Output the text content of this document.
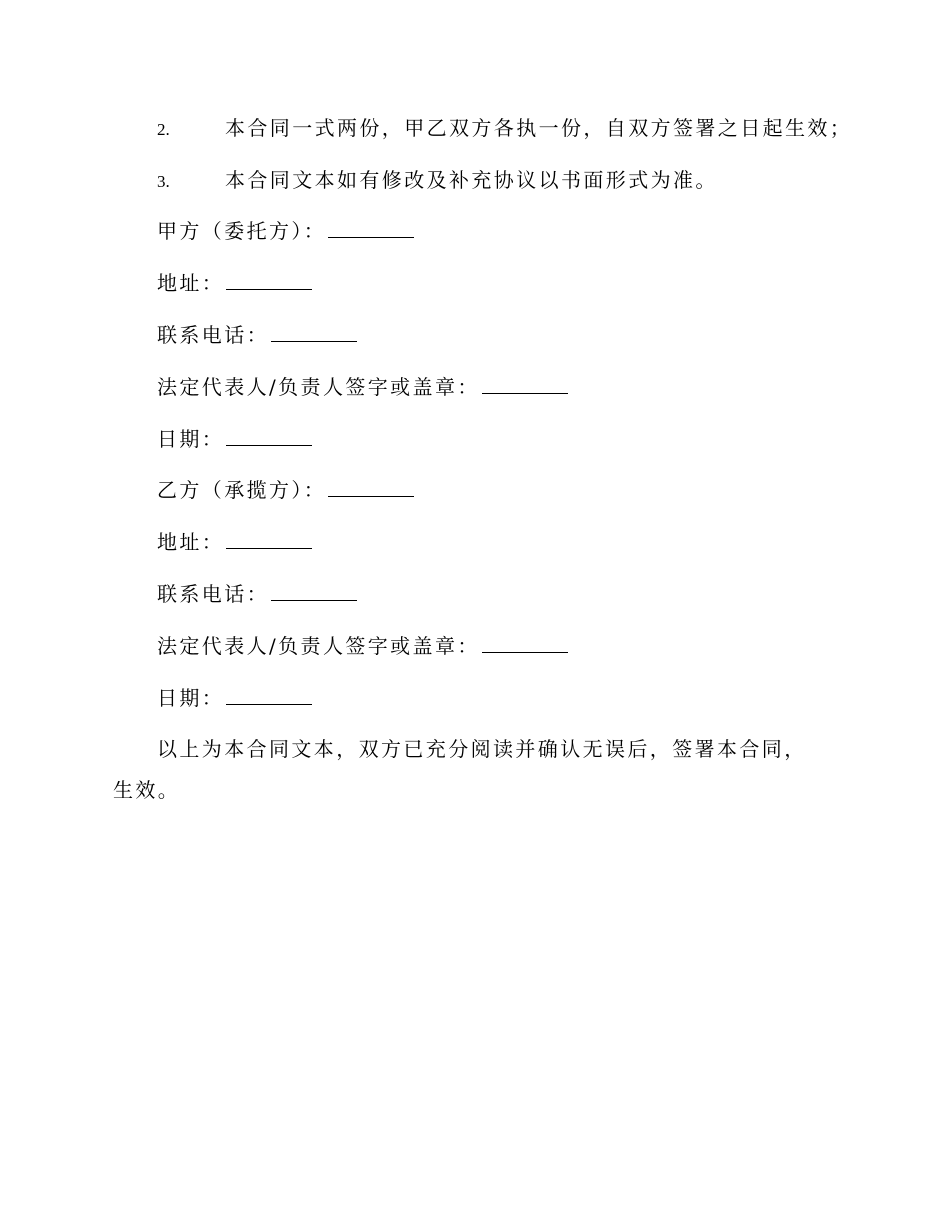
2.	本合同一式两份，甲乙双方各执一份，自双方签署之日起生效；
3.	本合同文本如有修改及补充协议以书面形式为准。
甲方（委托方）：
地址：
联系电话：
法定代表人/负责人签字或盖章：
日期：
乙方（承揽方）：
地址：
联系电话：
法定代表人/负责人签字或盖章：
日期：
以上为本合同文本，双方已充分阅读并确认无误后，签署本合同，生效。
